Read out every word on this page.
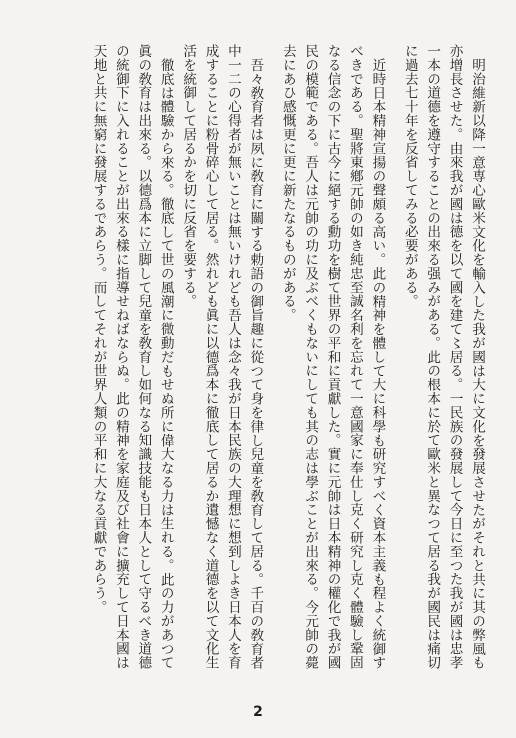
明治維新以降一意専心歐米文化を輸入した我が國は大に文化を發展させたがそれと共に其の弊風も亦增長させた。由來我が國は德を以て國を建て〻居る。一民族の發展して今日に至つた我が國は忠孝一本の道德を遵守することの出來る强みがある。此の根本に於て歐米と異なつて居る我が國民は痛切に過去七十年を反省してみる必要がある。

近時日本精神宣揚の聲頗る高い。此の精神を體して大に科學も研究すべく資本主義も程よく統御すべきである。聖將東鄕元帥の如き純忠至誠名利を忘れて一意國家に奉仕し克く研究し克く體驗し鞏固なる信念の下に古今に絕する勳功を樹て世界の平和に貢獻した。實に元帥は日本精神の權化で我が國民の模範である。吾人は元帥の功に及ぶべくもないにしても其の志は學ぶことが出來る。今元帥の薨去にあひ感慨更に更に新たなるものがある。

吾々敎育者は夙に敎育に關する勅語の御旨趣に從つて身を律し兒童を敎育して居る。千百の敎育者中一二の心得者が無いことは無いけれども吾人は念々我が日本民族の大理想に想到しよき日本人を育成することに粉骨碎心して居る。然れども眞に以德爲本に徹底して居るか遺憾なく道德を以て文化生活を統御して居るかを切に反省を要する。

徹底は體驗から來る。徹底して世の風潮に微動だもせぬ所に偉大なる力は生れる。此の力があつて眞の敎育は出來る。以德爲本に立脚して兒童を敎育し如何なる知識技能も日本人として守るべき道德の統御下に入れることが出來る樣に指導せねばならぬ。此の精神を家庭及び社會に擴充して日本國は天地と共に無窮に發展するであらう。而してそれが世界人類の平和に大なる貢獻であらう。

2
